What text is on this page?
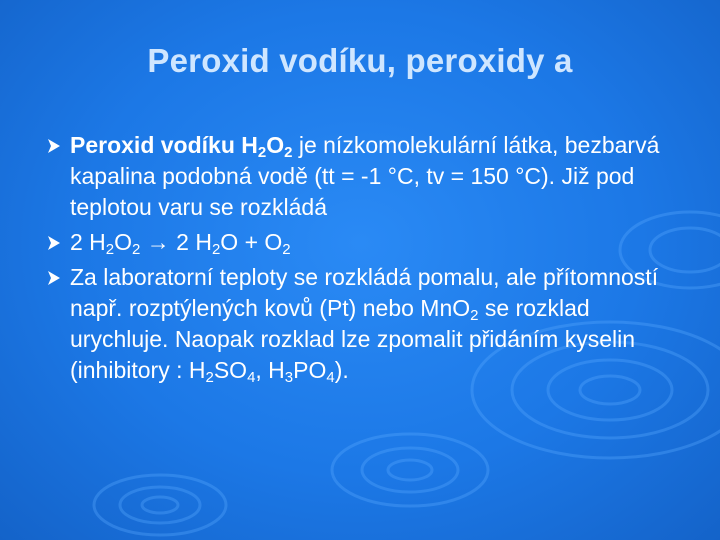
Peroxid vodíku, peroxidy a
Peroxid vodíku $H_2O_2$ je nízkomolekulární látka, bezbarvá kapalina podobná vodě (tt = -1 °C, tv = 150 °C). Již pod teplotou varu se rozkládá
2 $H_2O_2 \to 2$ $H_2O + O_2$
Za laboratorní teploty se rozkládá pomalu, ale přítomností např. rozptýlených kovů (Pt) nebo MnO$_2$ se rozklad urychluje. Naopak rozklad lze zpomalit přidáním kyselin (inhibitory : $H_2SO_4$, $H_3PO_4$).
